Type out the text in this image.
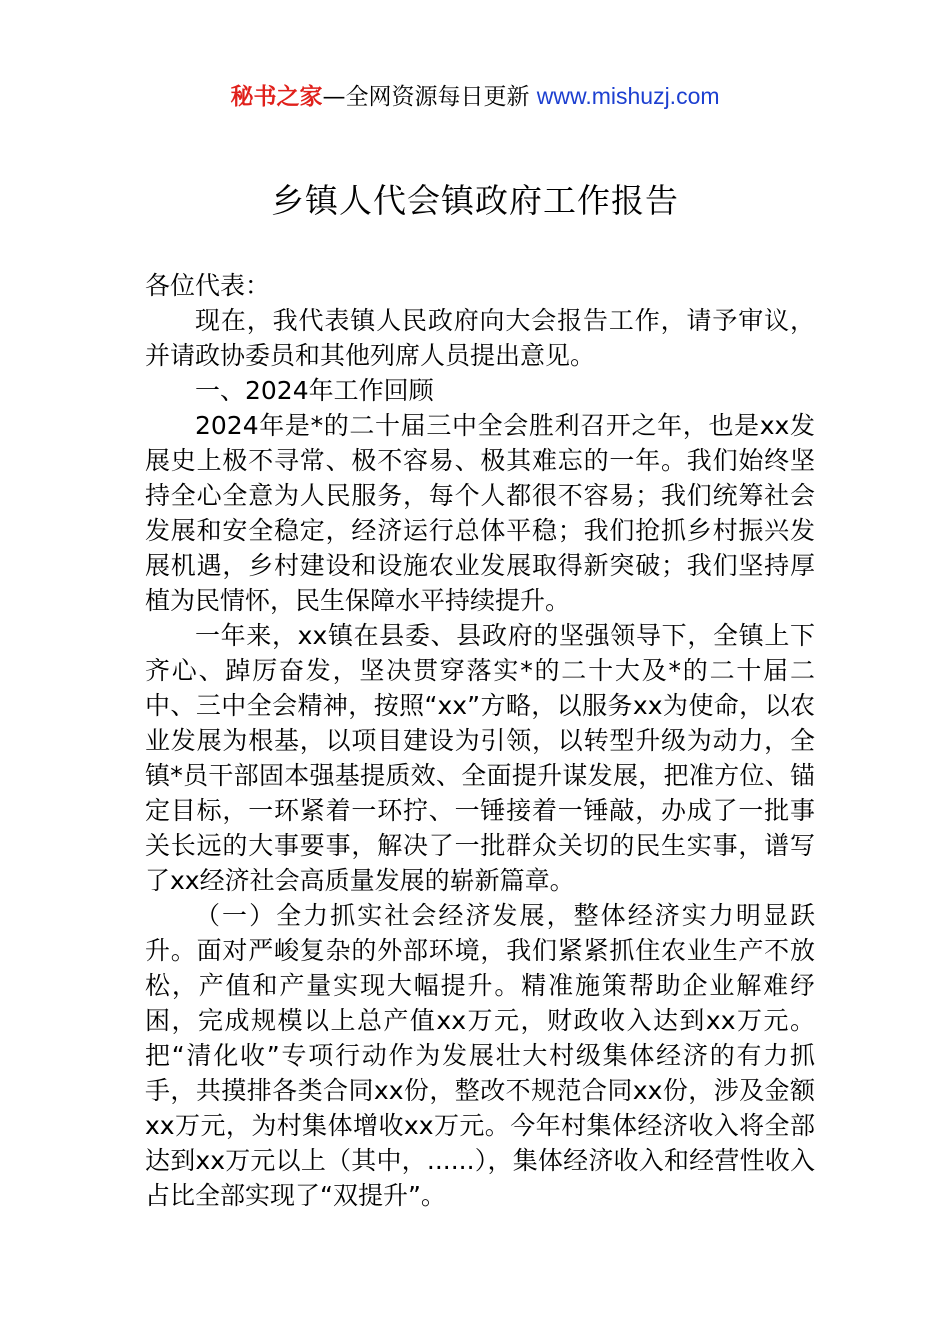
秘书之家—全网资源每日更新 www.mishuzj.com
乡镇人代会镇政府工作报告

各位代表：

现在，我代表镇人民政府向大会报告工作，请予审议，并请政协委员和其他列席人员提出意见。

一、2024年工作回顾

2024年是*的二十届三中全会胜利召开之年，也是xx发展史上极不寻常、极不容易、极其难忘的一年。我们始终坚持全心全意为人民服务，每个人都很不容易；我们统筹社会发展和安全稳定，经济运行总体平稳；我们抢抓乡村振兴发展机遇，乡村建设和设施农业发展取得新突破；我们坚持厚植为民情怀，民生保障水平持续提升。

一年来，xx镇在县委、县政府的坚强领导下，全镇上下齐心、踔厉奋发，坚决贯穿落实*的二十大及*的二十届二中、三中全会精神，按照“xx”方略，以服务xx为使命，以农业发展为根基，以项目建设为引领，以转型升级为动力，全镇*员干部固本强基提质效、全面提升谋发展，把准方位、锚定目标，一环紧着一环拧、一锤接着一锤敲，办成了一批事关长远的大事要事，解决了一批群众关切的民生实事，谱写了xx经济社会高质量发展的崭新篇章。

（一）全力抓实社会经济发展，整体经济实力明显跃升。面对严峻复杂的外部环境，我们紧紧抓住农业生产不放松，产值和产量实现大幅提升。精准施策帮助企业解难纾困，完成规模以上总产值xx万元，财政收入达到xx万元。把“清化收”专项行动作为发展壮大村级集体经济的有力抓手，共摸排各类合同xx份，整改不规范合同xx份，涉及金额xx万元，为村集体增收xx万元。今年村集体经济收入将全部达到xx万元以上（其中，......），集体经济收入和经营性收入占比全部实现了“双提升”。
